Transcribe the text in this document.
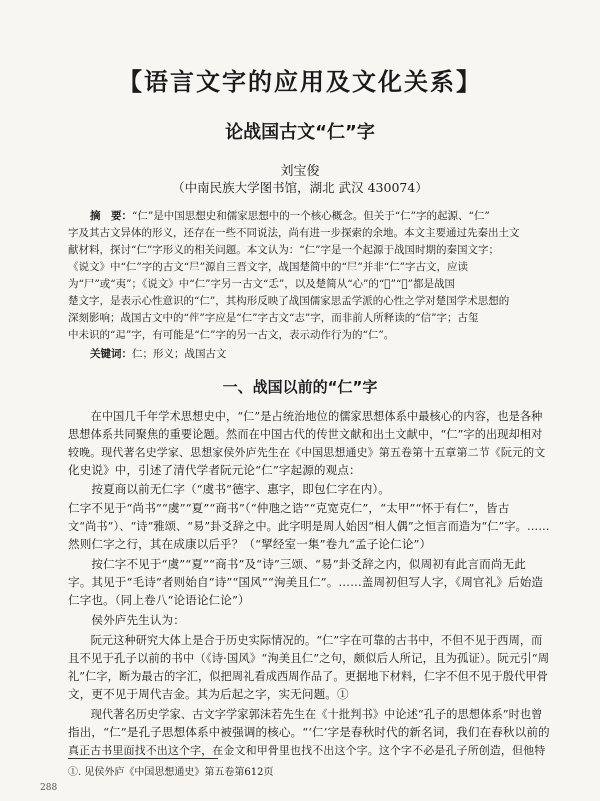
【语言文字的应用及文化关系】
论战国古文“仁”字
刘宝俊
（中南民族大学图书馆，湖北 武汉 430074）
摘　要：“仁”是中国思想史和儒家思想中的一个核心概念。但关于“仁”字的起源、“仁”
字及其古文异体的形义，还存在一些不同说法，尚有进一步探索的余地。本文主要通过先秦出土文
献材料，探讨“仁”字形义的相关问题。本文认为：“仁”字是一个起源于战国时期的秦国文字；
《说文》中“仁”字的古文“𡰥”源自三晋文字，战国楚简中的“𡰥”并非“仁”字古文，应读
为“尸”或“夷”；《说文》中“仁”字另一古文“忎”，以及楚简从“心”的“𢚩”“𢗹”都是战国
楚文字，是表示心性意识的“仁”，其构形反映了战国儒家思孟学派的心性之学对楚国学术思想的
深刻影响；战国古文中的“𠈭”字应是“仁”字古文“志”字，而非前人所释读的“信”字；古玺
中未识的“𨑓”字，有可能是“仁”字的另一古文，表示动作行为的“仁”。
关键词：仁；形义；战国古文
一、战国以前的“仁”字
　　在中国几千年学术思想史中，“仁”是占统治地位的儒家思想体系中最核心的内容，也是各种
思想体系共同聚焦的重要论题。然而在中国古代的传世文献和出土文献中，“仁”字的出现却相对
较晚。现代著名史学家、思想家侯外庐先生在《中国思想通史》第五卷第十五章第二节《阮元的文
化史说》中，引述了清代学者阮元论“仁”字起源的观点：
　　按夏商以前无仁字（“虞书”德字、惠字，即包仁字在内）。
仁字不见于“尚书”“虞”“夏”“商书”（“仲虺之诰”“克宽克仁”，“太甲”“怀于有仁”，皆古
文“尚书”）、“诗”雅颂、“易”卦爻辞之中。此字明是周人始因“相人偶”之恒言而造为“仁”字。……
然则仁字之行，其在成康以后乎？（“揅经室一集”卷九“孟子论仁论”）
　　按仁字不见于“虞”“夏”“商书”及“诗”三颂、“易”卦爻辞之内，似周初有此言而尚无此
字。其见于“毛诗”者则始自“诗”“国风”“洵美且仁”。……盖周初但写人字，《周官礼》后始造
仁字也。（同上卷八“论语论仁论”）
　　侯外庐先生认为：
　　阮元这种研究大体上是合于历史实际情况的。“仁”字在可靠的古书中，不但不见于西周，而
且不见于孔子以前的书中（《诗·国风》“洵美且仁”之句，颇似后人所记，且为孤证）。阮元引“周
礼”仁字，断为最古的字汇，似把周礼看成西周作品了。更据地下材料，仁字不但不见于殷代甲骨
文，更不见于周代吉金。其为后起之字，实无问题。①
　　现代著名历史学家、古文字学家郭沫若先生在《十批判书》中论述“孔子的思想体系”时也曾
指出，“仁”是孔子思想体系中被强调的核心。“‘仁’字是春秋时代的新名词，我们在春秋以前的
真正古书里面找不出这个字，在金文和甲骨里也找不出这个字。这个字不必是孔子所创造，但他特
①. 见侯外庐《中国思想通史》第五卷第612页
288
